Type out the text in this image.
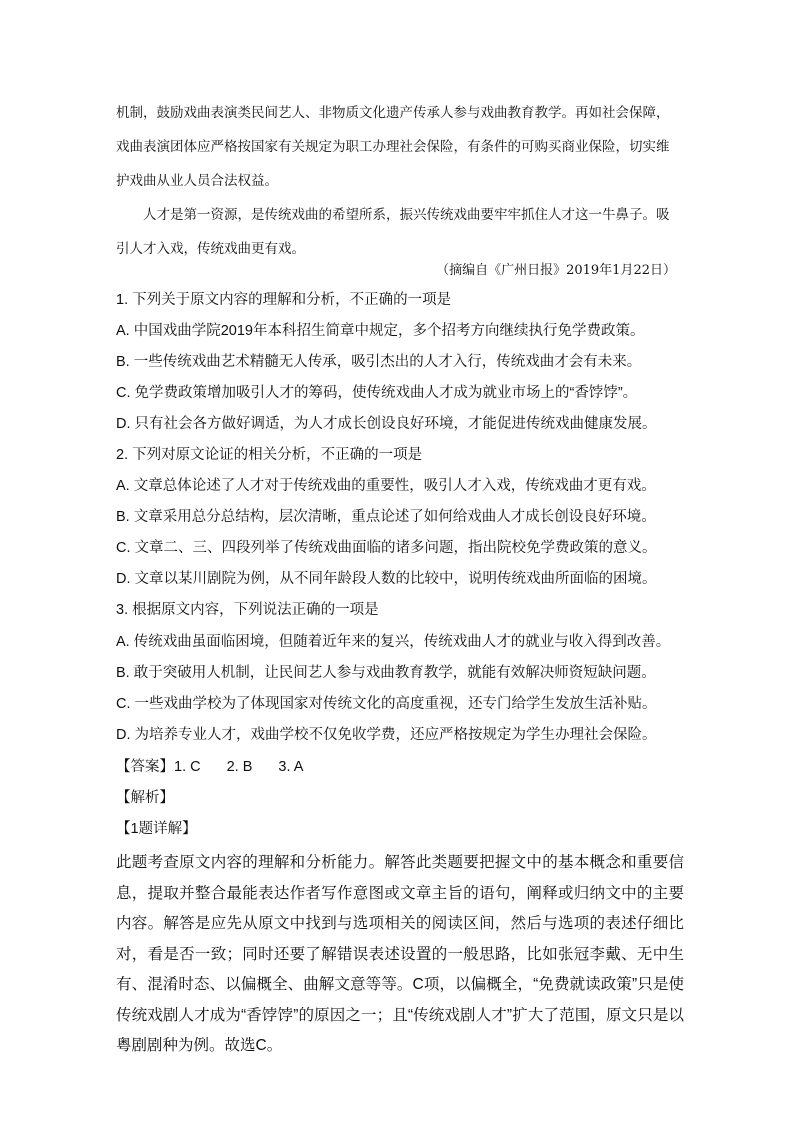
机制，鼓励戏曲表演类民间艺人、非物质文化遗产传承人参与戏曲教育教学。再如社会保障，戏曲表演团体应严格按国家有关规定为职工办理社会保险，有条件的可购买商业保险，切实维护戏曲从业人员合法权益。
人才是第一资源，是传统戏曲的希望所系，振兴传统戏曲要牢牢抓住人才这一牛鼻子。吸引人才入戏，传统戏曲更有戏。
（摘编自《广州日报》2019年1月22日）
1. 下列关于原文内容的理解和分析，不正确的一项是
A. 中国戏曲学院2019年本科招生简章中规定，多个招考方向继续执行免学费政策。
B. 一些传统戏曲艺术精髓无人传承，吸引杰出的人才入行，传统戏曲才会有未来。
C. 免学费政策增加吸引人才的筹码，使传统戏曲人才成为就业市场上的“香饽饽”。
D. 只有社会各方做好调适，为人才成长创设良好环境，才能促进传统戏曲健康发展。
2. 下列对原文论证的相关分析，不正确的一项是
A. 文章总体论述了人才对于传统戏曲的重要性，吸引人才入戏，传统戏曲才更有戏。
B. 文章采用总分总结构，层次清晰，重点论述了如何给戏曲人才成长创设良好环境。
C. 文章二、三、四段列举了传统戏曲面临的诸多问题，指出院校免学费政策的意义。
D. 文章以某川剧院为例，从不同年龄段人数的比较中，说明传统戏曲所面临的困境。
3. 根据原文内容，下列说法正确的一项是
A. 传统戏曲虽面临困境，但随着近年来的复兴，传统戏曲人才的就业与收入得到改善。
B. 敢于突破用人机制，让民间艺人参与戏曲教育教学，就能有效解决师资短缺问题。
C. 一些戏曲学校为了体现国家对传统文化的高度重视，还专门给学生发放生活补贴。
D. 为培养专业人才，戏曲学校不仅免收学费，还应严格按规定为学生办理社会保险。
【答案】1. C 2. B 3. A
【解析】
【1题详解】
此题考查原文内容的理解和分析能力。解答此类题要把握文中的基本概念和重要信息，提取并整合最能表达作者写作意图或文章主旨的语句，阐释或归纳文中的主要内容。解答是应先从原文中找到与选项相关的阅读区间，然后与选项的表述仔细比对，看是否一致；同时还要了解错误表述设置的一般思路，比如张冠李戴、无中生有、混淆时态、以偏概全、曲解文意等等。C项，以偏概全，“免费就读政策”只是使传统戏剧人才成为“香饽饽”的原因之一；且“传统戏剧人才”扩大了范围，原文只是以粤剧剧种为例。故选C。
